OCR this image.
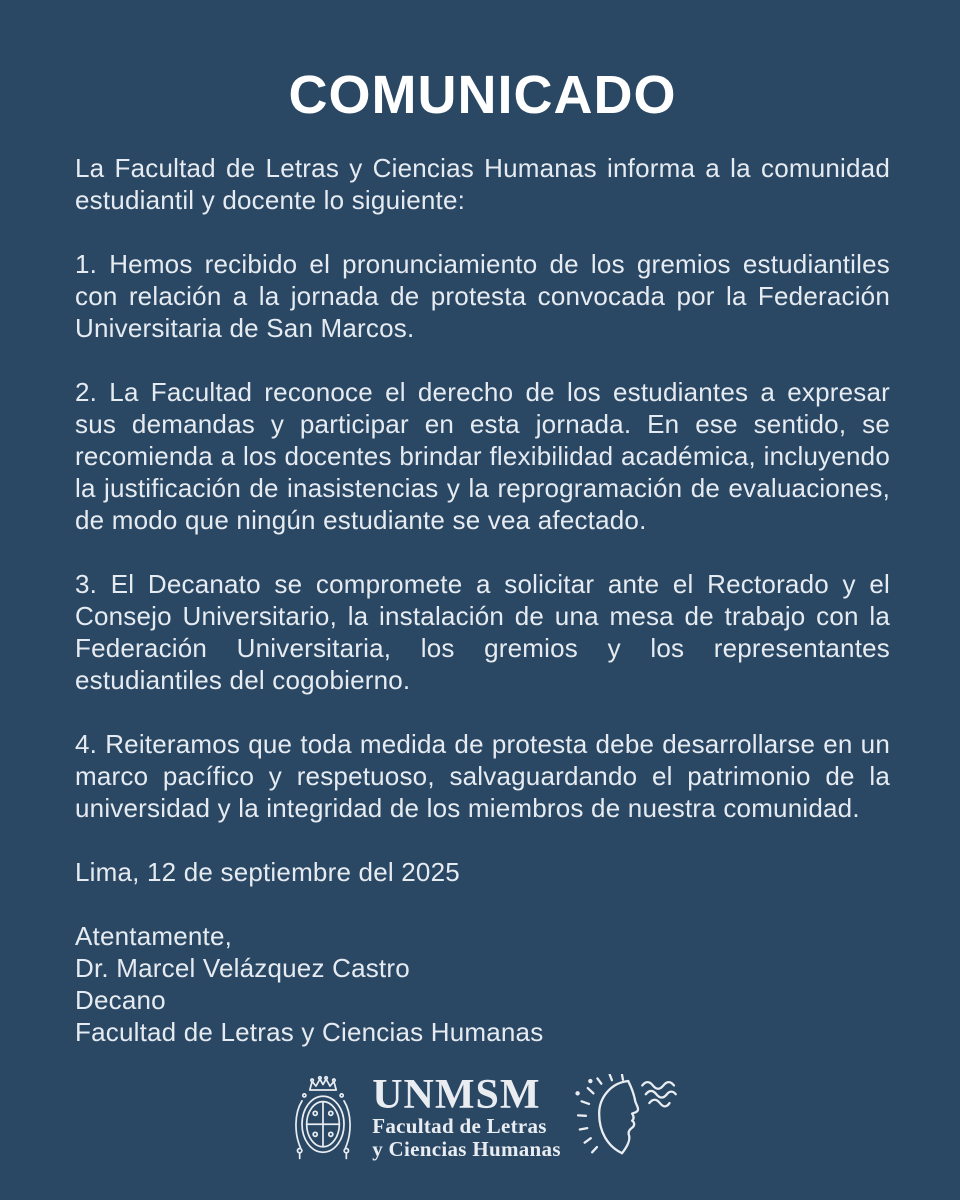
COMUNICADO

La Facultad de Letras y Ciencias Humanas informa a la comunidad estudiantil y docente lo siguiente:

1. Hemos recibido el pronunciamiento de los gremios estudiantiles con relación a la jornada de protesta convocada por la Federación Universitaria de San Marcos.

2. La Facultad reconoce el derecho de los estudiantes a expresar sus demandas y participar en esta jornada. En ese sentido, se recomienda a los docentes brindar flexibilidad académica, incluyendo la justificación de inasistencias y la reprogramación de evaluaciones, de modo que ningún estudiante se vea afectado.

3. El Decanato se compromete a solicitar ante el Rectorado y el Consejo Universitario, la instalación de una mesa de trabajo con la Federación Universitaria, los gremios y los representantes estudiantiles del cogobierno.

4. Reiteramos que toda medida de protesta debe desarrollarse en un marco pacífico y respetuoso, salvaguardando el patrimonio de la universidad y la integridad de los miembros de nuestra comunidad.

Lima, 12 de septiembre del 2025
Atentamente,
Dr. Marcel Velázquez Castro
Decano
Facultad de Letras y Ciencias Humanas
UNMSM
Facultad de Letras
y Ciencias Humanas
